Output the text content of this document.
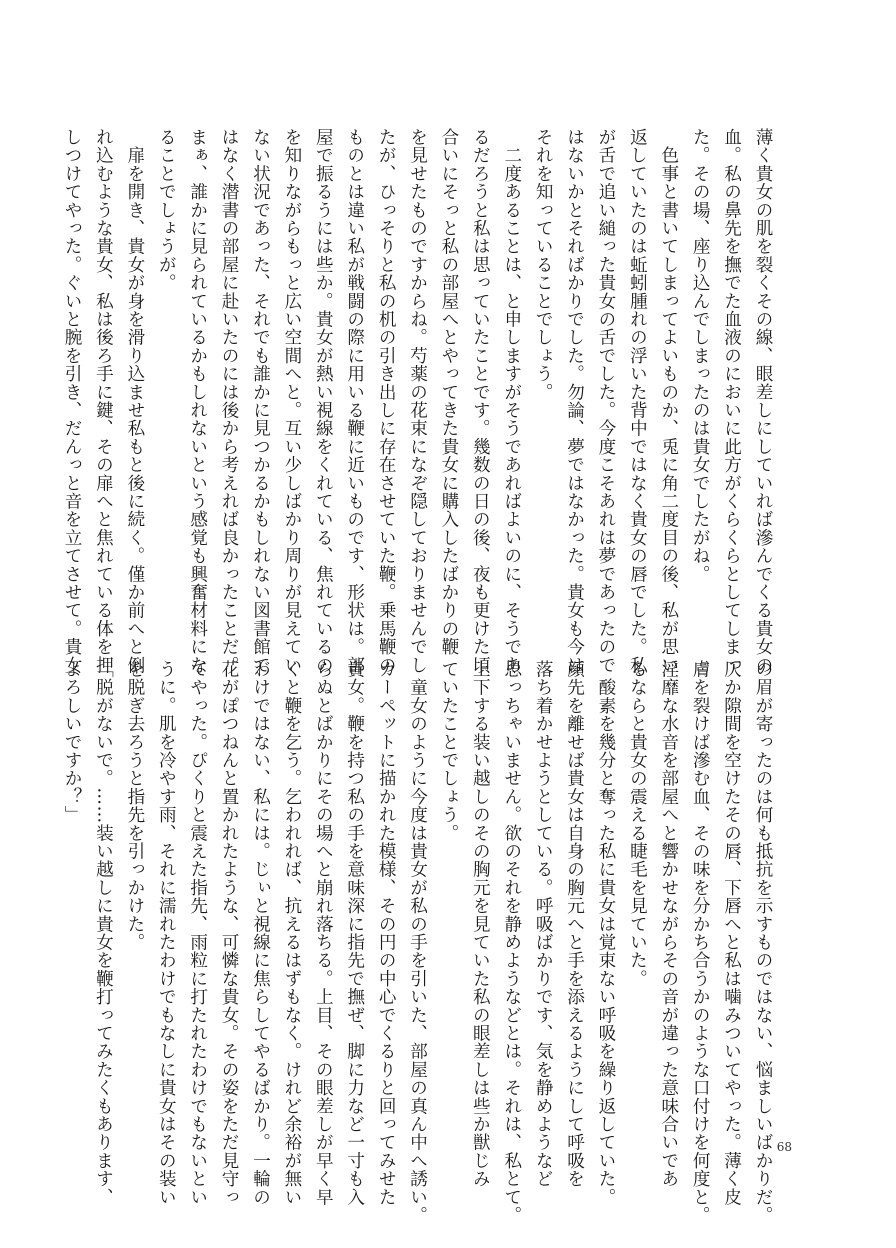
薄く貴女の肌を裂くその線、眼差しにしていれば滲んでくる貴女の
血。私の鼻先を撫でた血液のにおいに此方がくらくらとしてしまっ
た。その場、座り込んでしまったのは貴女でしたがね。
　色事と書いてしまってよいものか、兎に角二度目の後、私が思い
返していたのは蚯蚓腫れの浮いた背中ではなく貴女の唇でした。私
が舌で追い縋った貴女の舌でした。今度こそあれは夢であったので
はないかとそればかりでした。勿論、夢ではなかった。貴女も今は
それを知っていることでしょう。
　二度あることは、と申しますがそうであればよいのに、そうであ
るだろうと私は思っていたことです。幾数の日の後、夜も更けた頃
合いにそっと私の部屋へとやってきた貴女に購入したばかりの鞭
を見せたものですからね。芍薬の花束になぞ隠しておりませんでし
たが、ひっそりと私の机の引き出しに存在させていた鞭。乗馬鞭の
ものとは違い私が戦闘の際に用いる鞭に近いものです、形状は。部
屋で振るうには些か。貴女が熱い視線をくれている、焦れているの
を知りながらもっと広い空間へと。互い少しばかり周りが見えてい
ない状況であった、それでも誰かに見つかるかもしれない図書館で
はなく潜書の部屋に赴いたのには後から考えれば良かったことだ。
まぁ、誰かに見られているかもしれないという感覚も興奮材料にな
ることでしょうが。
　扉を開き、貴女が身を滑り込ませ私もと後に続く。僅か前へと倒
れ込むような貴女、私は後ろ手に鍵、その扉へと焦れている体を押
しつけてやった。ぐいと腕を引き、だんっと音を立てさせて。貴女
の眉が寄ったのは何も抵抗を示すものではない、悩ましいばかりだ。
仄か隙間を空けたその唇、下唇へと私は噛みついてやった。薄く皮
膚を裂けば滲む血、その味を分かち合うかのような口付けを何度と。
淫靡な水音を部屋へと響かせながらその音が違った意味合いであ
るならと貴女の震える睫毛を見ていた。
　酸素を幾分と奪った私に貴女は覚束ない呼吸を繰り返していた。
顔先を離せば貴女は自身の胸元へと手を添えるようにして呼吸を
落ち着かせようとしている。呼吸ばかりです、気を静めようなど
思っちゃいません。欲のそれを静めようなどとは。それは、私とて。
上下する装い越しのその胸元を見ていた私の眼差しは些か獣じみ
ていたことでしょう。
　童女のように今度は貴女が私の手を引いた、部屋の真ん中へ誘い。
カーペットに描かれた模様、その円の中心でくるりと回ってみせた
貴女。鞭を持つ私の手を意味深に指先で撫ぜ、脚に力など一寸も入
らぬとばかりにその場へと崩れ落ちる。上目、その眼差しが早く早
くと鞭を乞う。乞われれば、抗えるはずもなく。けれど余裕が無い
わけではない、私には。じぃと視線に焦らしてやるばかり。一輪の
花がぽつねんと置かれたような、可憐な貴女。その姿をただ見守っ
てやった。ぴくりと震えた指先、雨粒に打たれたわけでもないとい
うに。肌を冷やす雨、それに濡れたわけでもなしに貴女はその装い
を脱ぎ去ろうと指先を引っかけた。
「脱がないで。……装い越しに貴女を鞭打ってみたくもあります、
よろしいですか？」
68
